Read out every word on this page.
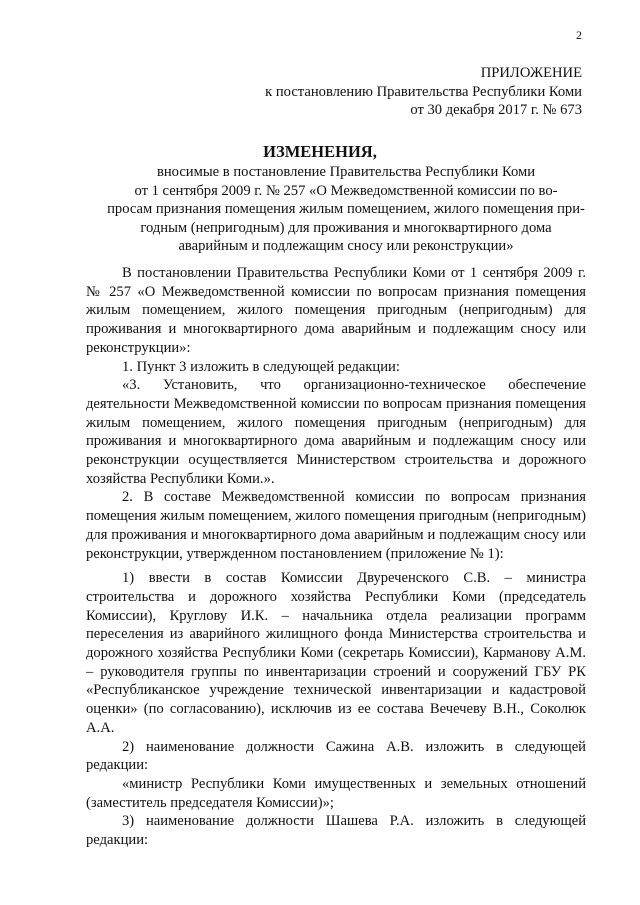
2
ПРИЛОЖЕНИЕ
к постановлению Правительства Республики Коми
от 30 декабря 2017 г. № 673
ИЗМЕНЕНИЯ,
вносимые в постановление Правительства Республики Коми
от 1 сентября 2009 г. № 257 «О Межведомственной комиссии по во-
просам признания помещения жилым помещением, жилого помещения при-
годным (непригодным) для проживания и многоквартирного дома
аварийным и подлежащим сносу или реконструкции»

В постановлении Правительства Республики Коми от 1 сентября 2009 г. № 257 «О Межведомственной комиссии по вопросам признания помещения жилым помещением, жилого помещения пригодным (непригодным) для проживания и многоквартирного дома аварийным и подлежащим сносу или реконструкции»:

1. Пункт 3 изложить в следующей редакции:

«3. Установить, что организационно-техническое обеспечение деятельности Межведомственной комиссии по вопросам признания помещения жилым помещением, жилого помещения пригодным (непригодным) для проживания и многоквартирного дома аварийным и подлежащим сносу или реконструкции осуществляется Министерством строительства и дорожного хозяйства Республики Коми.».

2. В составе Межведомственной комиссии по вопросам признания помещения жилым помещением, жилого помещения пригодным (непригодным) для проживания и многоквартирного дома аварийным и подлежащим сносу или реконструкции, утвержденном постановлением (приложение № 1):

1) ввести в состав Комиссии Двуреченского С.В. – министра строительства и дорожного хозяйства Республики Коми (председатель Комиссии), Круглову И.К. – начальника отдела реализации программ переселения из аварийного жилищного фонда Министерства строительства и дорожного хозяйства Республики Коми (секретарь Комиссии), Карманову А.М. – руководителя группы по инвентаризации строений и сооружений ГБУ РК «Республиканское учреждение технической инвентаризации и кадастровой оценки» (по согласованию), исключив из ее состава Вечечеву В.Н., Соколюк А.А.

2) наименование должности Сажина А.В. изложить в следующей редакции:

«министр Республики Коми имущественных и земельных отношений (заместитель председателя Комиссии)»;

3) наименование должности Шашева Р.А. изложить в следующей редакции:
